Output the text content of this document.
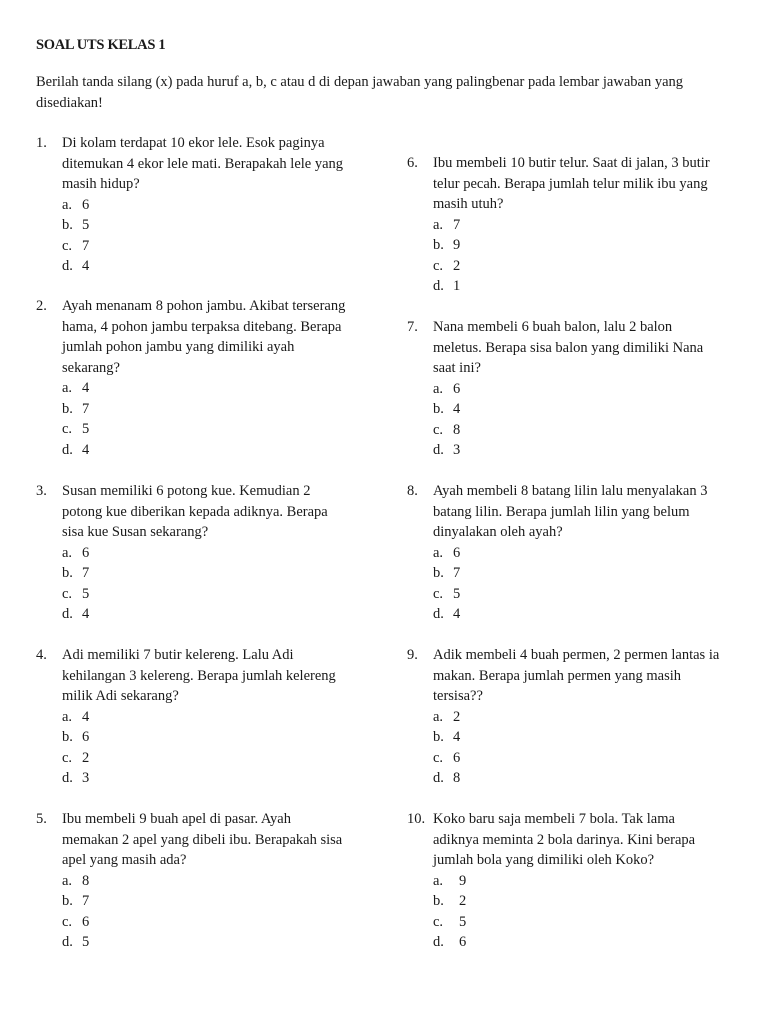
SOAL UTS KELAS 1
Berilah tanda silang (x) pada huruf a, b, c atau d di depan jawaban yang palingbenar pada lembar jawaban yang disediakan!
1. Di kolam terdapat 10 ekor lele. Esok paginya
ditemukan 4 ekor lele mati. Berapakah lele yang
masih hidup?
a. 6
b. 5
c. 7
d. 4
2. Ayah menanam 8 pohon jambu. Akibat terserang
hama, 4 pohon jambu terpaksa ditebang. Berapa
jumlah pohon jambu yang dimiliki ayah
sekarang?
a. 4
b. 7
c. 5
d. 4
3. Susan memiliki 6 potong kue. Kemudian 2
potong kue diberikan kepada adiknya. Berapa
sisa kue Susan sekarang?
a. 6
b. 7
c. 5
d. 4
4. Adi memiliki 7 butir kelereng. Lalu Adi
kehilangan 3 kelereng. Berapa jumlah kelereng
milik Adi sekarang?
a. 4
b. 6
c. 2
d. 3
5. Ibu membeli 9 buah apel di pasar. Ayah
memakan 2 apel yang dibeli ibu. Berapakah sisa
apel yang masih ada?
a. 8
b. 7
c. 6
d. 5
6. Ibu membeli 10 butir telur. Saat di jalan, 3 butir
telur pecah. Berapa jumlah telur milik ibu yang
masih utuh?
a. 7
b. 9
c. 2
d. 1
7. Nana membeli 6 buah balon, lalu 2 balon
meletus. Berapa sisa balon yang dimiliki Nana
saat ini?
a. 6
b. 4
c. 8
d. 3
8. Ayah membeli 8 batang lilin lalu menyalakan 3
batang lilin. Berapa jumlah lilin yang belum
dinyalakan oleh ayah?
a. 6
b. 7
c. 5
d. 4
9. Adik membeli 4 buah permen, 2 permen lantas ia
makan. Berapa jumlah permen yang masih
tersisa??
a. 2
b. 4
c. 6
d. 8
10. Koko baru saja membeli 7 bola. Tak lama
adiknya meminta 2 bola darinya. Kini berapa
jumlah bola yang dimiliki oleh Koko?
a. 9
b. 2
c. 5
d. 6
